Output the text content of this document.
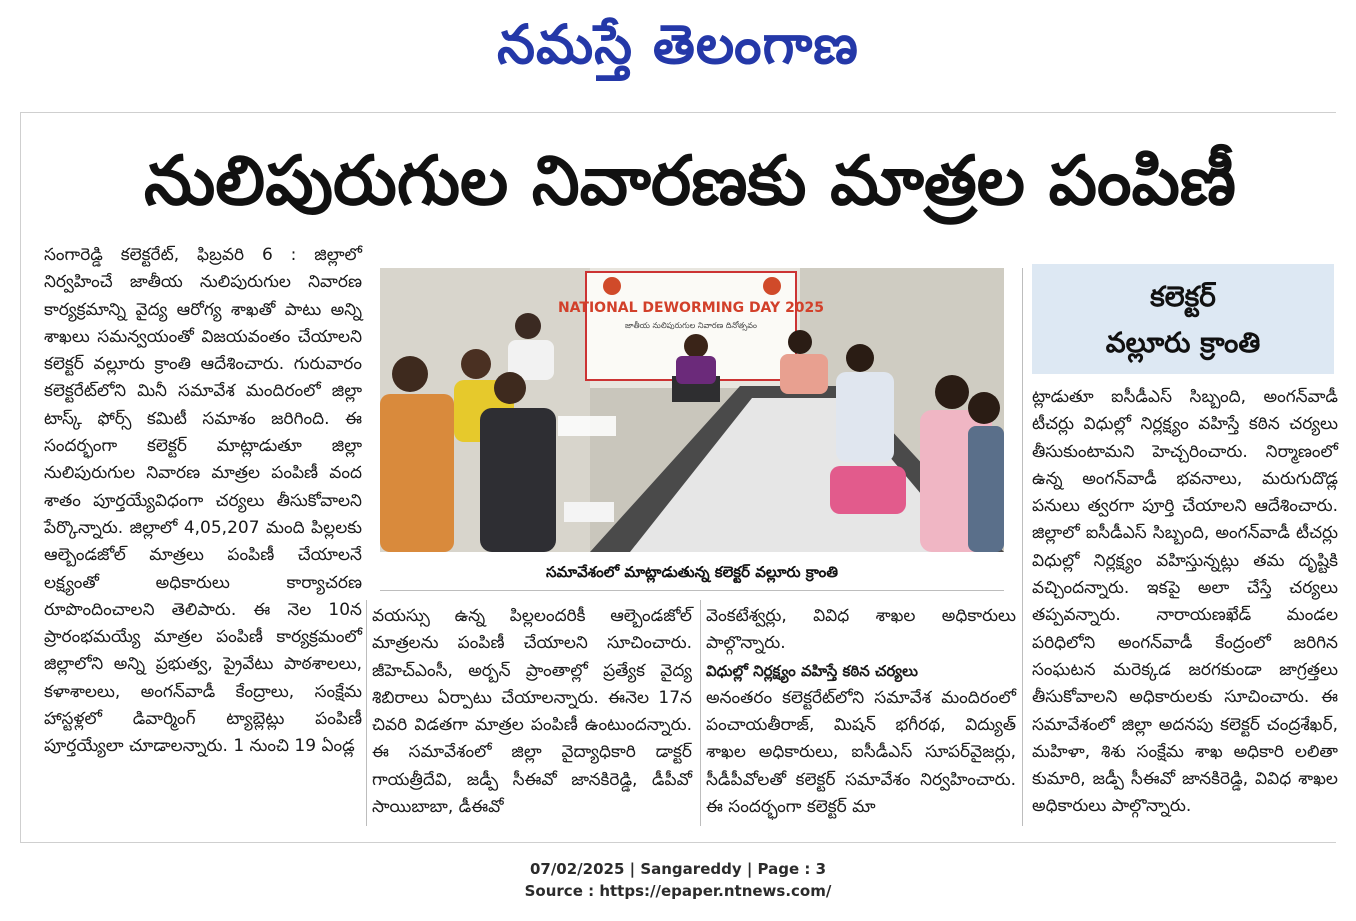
నమస్తే తెలంగాణ
నులిపురుగుల నివారణకు మాత్రల పంపిణీ

సంగారెడ్డి కలెక్టరేట్, ఫిబ్రవరి 6 : జిల్లాలో నిర్వహించే జాతీయ నులిపురుగుల నివారణ కార్యక్రమాన్ని వైద్య ఆరోగ్య శాఖతో పాటు అన్ని శాఖలు సమన్వయంతో విజయవంతం చేయాలని కలెక్టర్ వల్లూరు క్రాంతి ఆదేశించారు. గురువారం కలెక్టరేట్‌లోని మినీ సమావేశ మందిరంలో జిల్లా టాస్క్ ఫోర్స్ కమిటీ సమాశం జరిగింది. ఈ సందర్భంగా కలెక్టర్ మాట్లాడుతూ జిల్లా నులిపురుగుల నివారణ మాత్రల పంపిణీ వంద శాతం పూర్తయ్యేవిధంగా చర్యలు తీసుకోవాలని పేర్కొన్నారు. జిల్లాలో 4,05,207 మంది పిల్లలకు ఆల్బెండజోల్ మాత్రలు పంపిణీ చేయాలనే లక్ష్యంతో అధికారులు కార్యాచరణ రూపొందించాలని తెలిపారు. ఈ నెల 10న ప్రారంభమయ్యే మాత్రల పంపిణీ కార్యక్రమంలో జిల్లాలోని అన్ని ప్రభుత్వ, ప్రైవేటు పాఠశాలలు, కళాశాలలు, అంగన్‌వాడీ కేంద్రాలు, సంక్షేమ హాస్టళ్లలో డివార్మింగ్ ట్యాబ్లెట్లు పంపిణీ పూర్తయ్యేలా చూడాలన్నారు. 1 నుంచి 19 ఏండ్ల

NATIONAL DEWORMING DAY 2025
జాతీయ నులిపురుగుల నివారణ దినోత్సవం
సమావేశంలో మాట్లాడుతున్న కలెక్టర్ వల్లూరు క్రాంతి

వయస్సు ఉన్న పిల్లలందరికీ ఆల్బెండజోల్ మాత్రలను పంపిణీ చేయాలని సూచించారు. జీహెచ్ఎంసీ, అర్బన్ ప్రాంతాల్లో ప్రత్యేక వైద్య శిబిరాలు ఏర్పాటు చేయాలన్నారు. ఈనెల 17న చివరి విడతగా మాత్రల పంపిణీ ఉంటుందన్నారు. ఈ సమావేశంలో జిల్లా వైద్యాధికారి డాక్టర్ గాయత్రీదేవి, జడ్పీ సీఈవో జానకిరెడ్డి, డీపీవో సాయిబాబా, డీఈవో

వెంకటేశ్వర్లు, వివిధ శాఖల అధికారులు పాల్గొన్నారు.

విధుల్లో నిర్లక్ష్యం వహిస్తే కఠిన చర్యలు

అనంతరం కలెక్టరేట్‌లోని సమావేశ మందిరంలో పంచాయతీరాజ్, మిషన్ భగీరథ, విద్యుత్ శాఖల అధికారులు, ఐసీడీఎస్ సూపర్‌వైజర్లు, సీడీపీవోలతో కలెక్టర్ సమావేశం నిర్వహించారు. ఈ సందర్భంగా కలెక్టర్ మా

కలెక్టర్
వల్లూరు క్రాంతి

ట్లాడుతూ ఐసీడీఎస్ సిబ్బంది, అంగన్‌వాడీ టీచర్లు విధుల్లో నిర్లక్ష్యం వహిస్తే కఠిన చర్యలు తీసుకుంటామని హెచ్చరించారు. నిర్మాణంలో ఉన్న అంగన్‌వాడీ భవనాలు, మరుగుదొడ్ల పనులు త్వరగా పూర్తి చేయాలని ఆదేశించారు. జిల్లాలో ఐసీడీఎస్ సిబ్బంది, అంగన్‌వాడీ టీచర్లు విధుల్లో నిర్లక్ష్యం వహిస్తున్నట్లు తమ దృష్టికి వచ్చిందన్నారు. ఇకపై అలా చేస్తే చర్యలు తప్పవన్నారు. నారాయణఖేడ్ మండల పరిధిలోని అంగన్‌వాడీ కేంద్రంలో జరిగిన సంఘటన మరెక్కడ జరగకుండా జాగ్రత్తలు తీసుకోవాలని అధికారులకు సూచించారు. ఈ సమావేశంలో జిల్లా అదనపు కలెక్టర్ చంద్రశేఖర్, మహిళా, శిశు సంక్షేమ శాఖ అధికారి లలితా కుమారి, జడ్పీ సీఈవో జానకిరెడ్డి, వివిధ శాఖల అధికారులు పాల్గొన్నారు.

07/02/2025 | Sangareddy | Page : 3
Source : https://epaper.ntnews.com/
